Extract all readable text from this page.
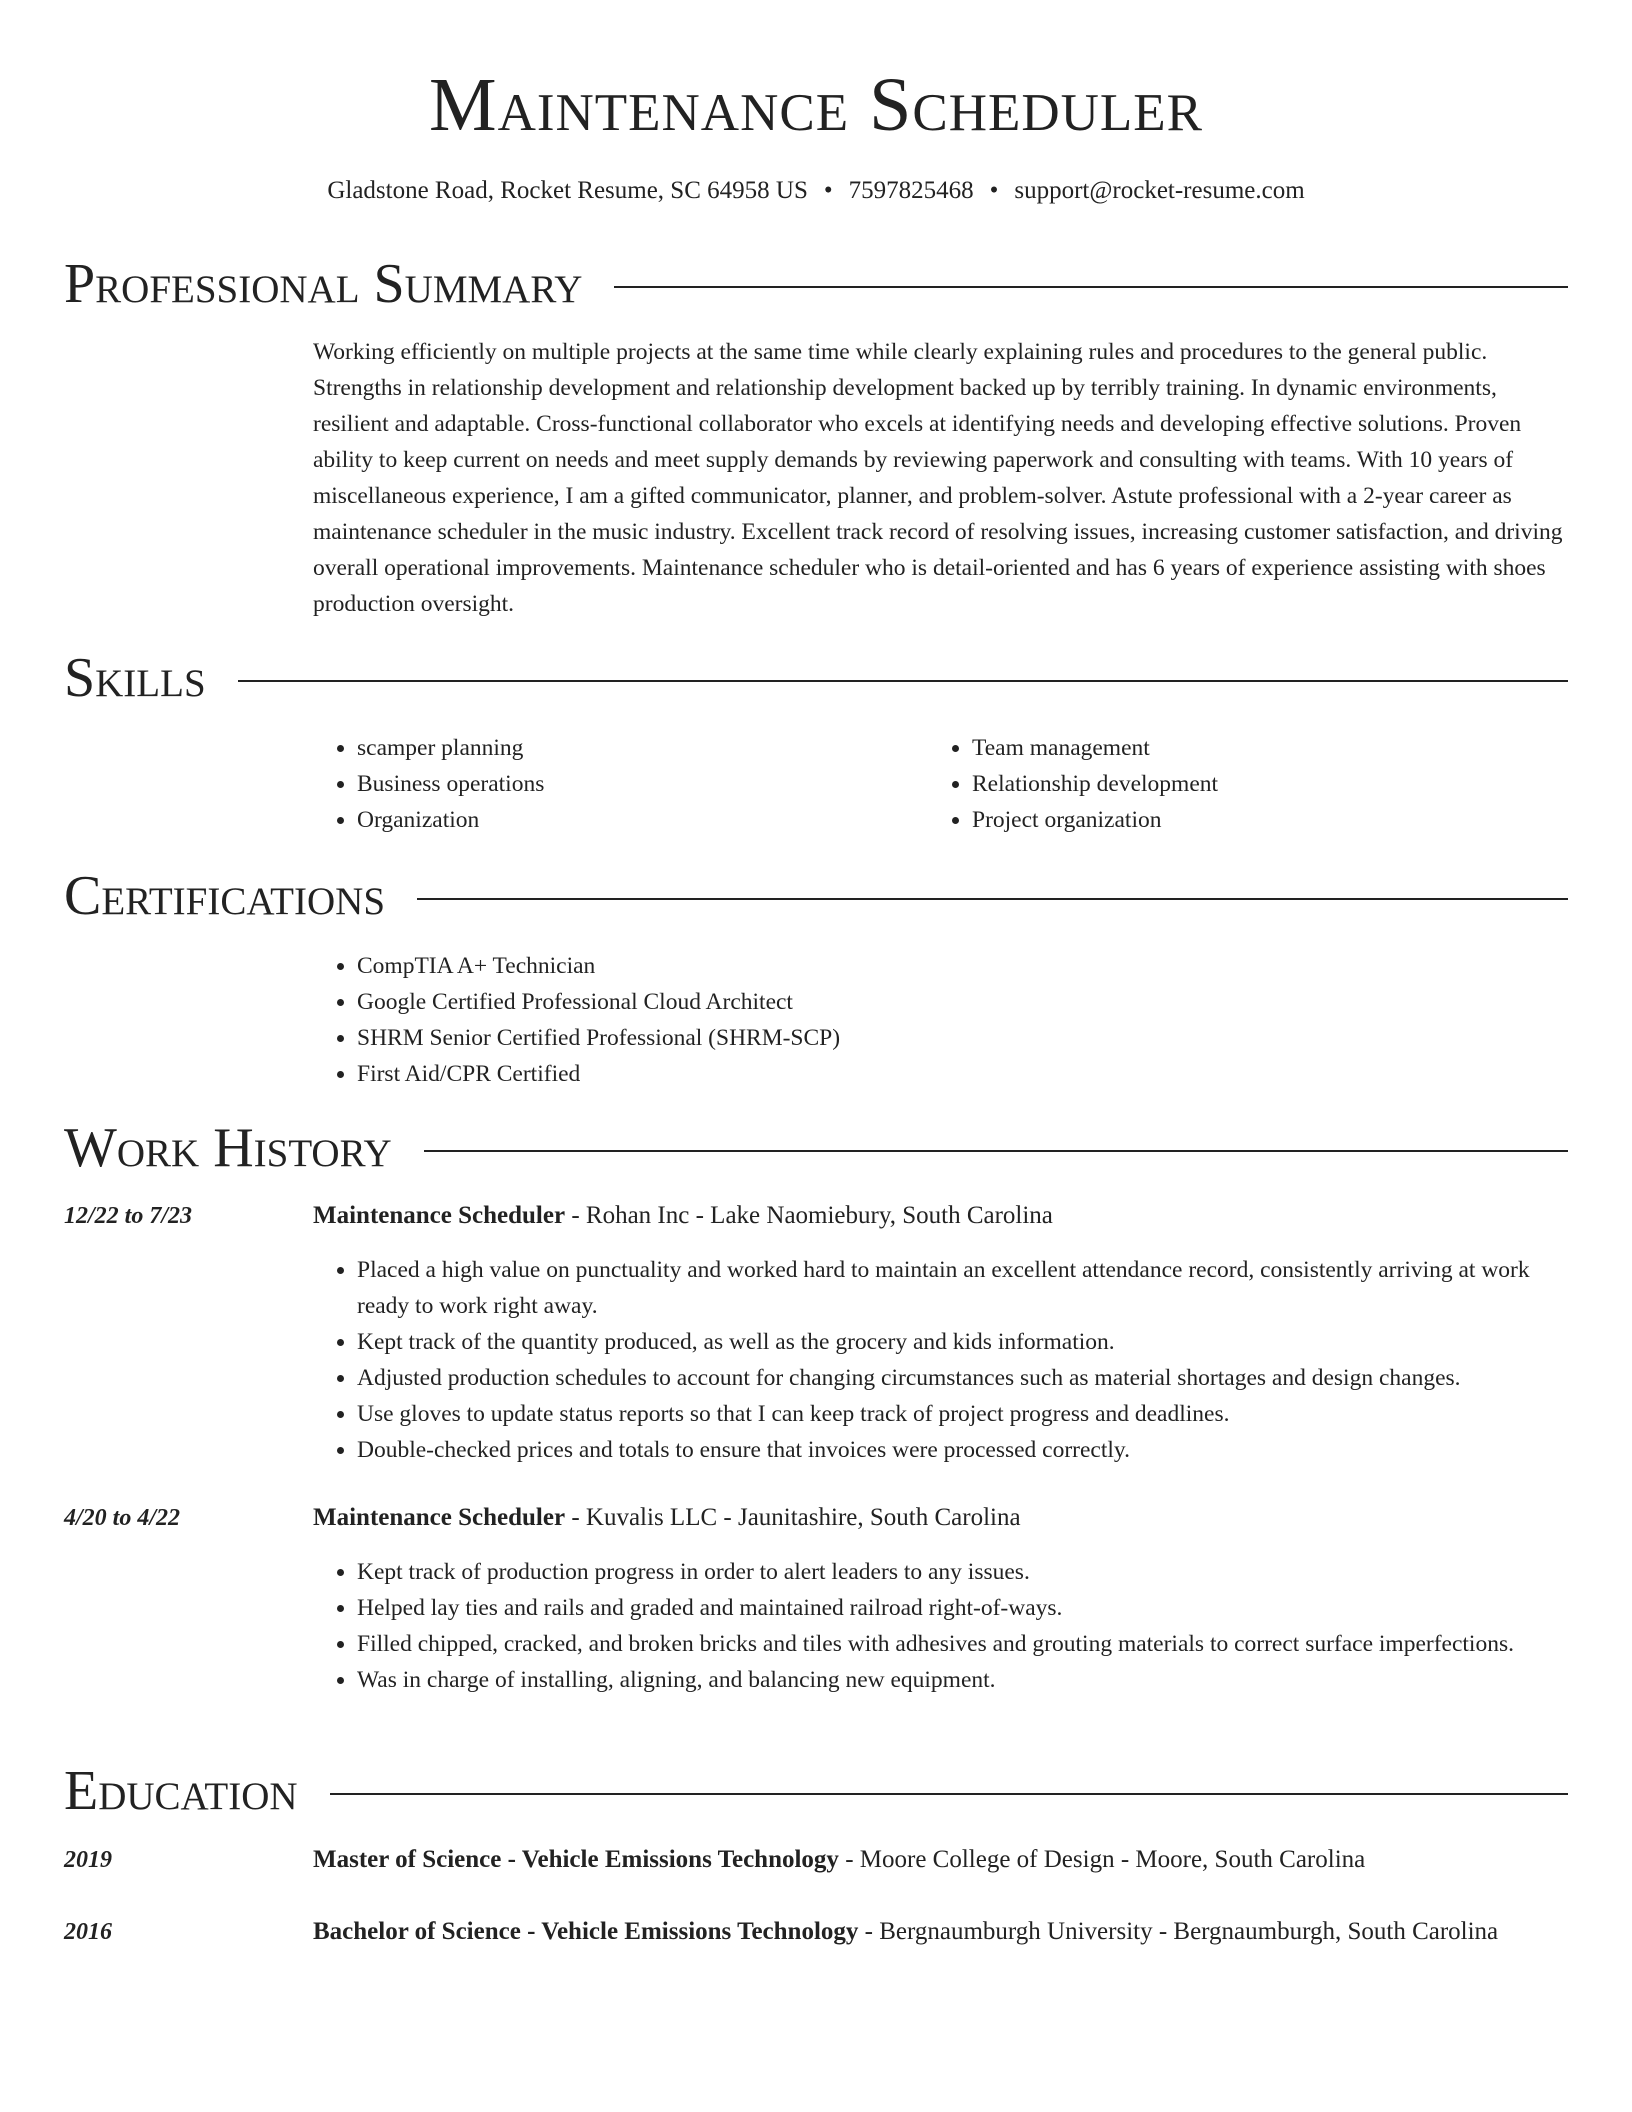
Maintenance Scheduler
Gladstone Road, Rocket Resume, SC 64958 US • 7597825468 • support@rocket-resume.com
Professional Summary
Working efficiently on multiple projects at the same time while clearly explaining rules and procedures to the general public. Strengths in relationship development and relationship development backed up by terribly training. In dynamic environments, resilient and adaptable. Cross-functional collaborator who excels at identifying needs and developing effective solutions. Proven ability to keep current on needs and meet supply demands by reviewing paperwork and consulting with teams. With 10 years of miscellaneous experience, I am a gifted communicator, planner, and problem-solver. Astute professional with a 2-year career as maintenance scheduler in the music industry. Excellent track record of resolving issues, increasing customer satisfaction, and driving overall operational improvements. Maintenance scheduler who is detail-oriented and has 6 years of experience assisting with shoes production oversight.
Skills
• scamper planning
• Business operations
• Organization
• Team management
• Relationship development
• Project organization
Certifications
• CompTIA A+ Technician
• Google Certified Professional Cloud Architect
• SHRM Senior Certified Professional (SHRM-SCP)
• First Aid/CPR Certified
Work History
12/22 to 7/23	Maintenance Scheduler - Rohan Inc - Lake Naomiebury, South Carolina
• Placed a high value on punctuality and worked hard to maintain an excellent attendance record, consistently arriving at work ready to work right away.
• Kept track of the quantity produced, as well as the grocery and kids information.
• Adjusted production schedules to account for changing circumstances such as material shortages and design changes.
• Use gloves to update status reports so that I can keep track of project progress and deadlines.
• Double-checked prices and totals to ensure that invoices were processed correctly.
4/20 to 4/22	Maintenance Scheduler - Kuvalis LLC - Jaunitashire, South Carolina
• Kept track of production progress in order to alert leaders to any issues.
• Helped lay ties and rails and graded and maintained railroad right-of-ways.
• Filled chipped, cracked, and broken bricks and tiles with adhesives and grouting materials to correct surface imperfections.
• Was in charge of installing, aligning, and balancing new equipment.
Education
2019	Master of Science - Vehicle Emissions Technology - Moore College of Design - Moore, South Carolina
2016	Bachelor of Science - Vehicle Emissions Technology - Bergnaumburgh University - Bergnaumburgh, South Carolina
